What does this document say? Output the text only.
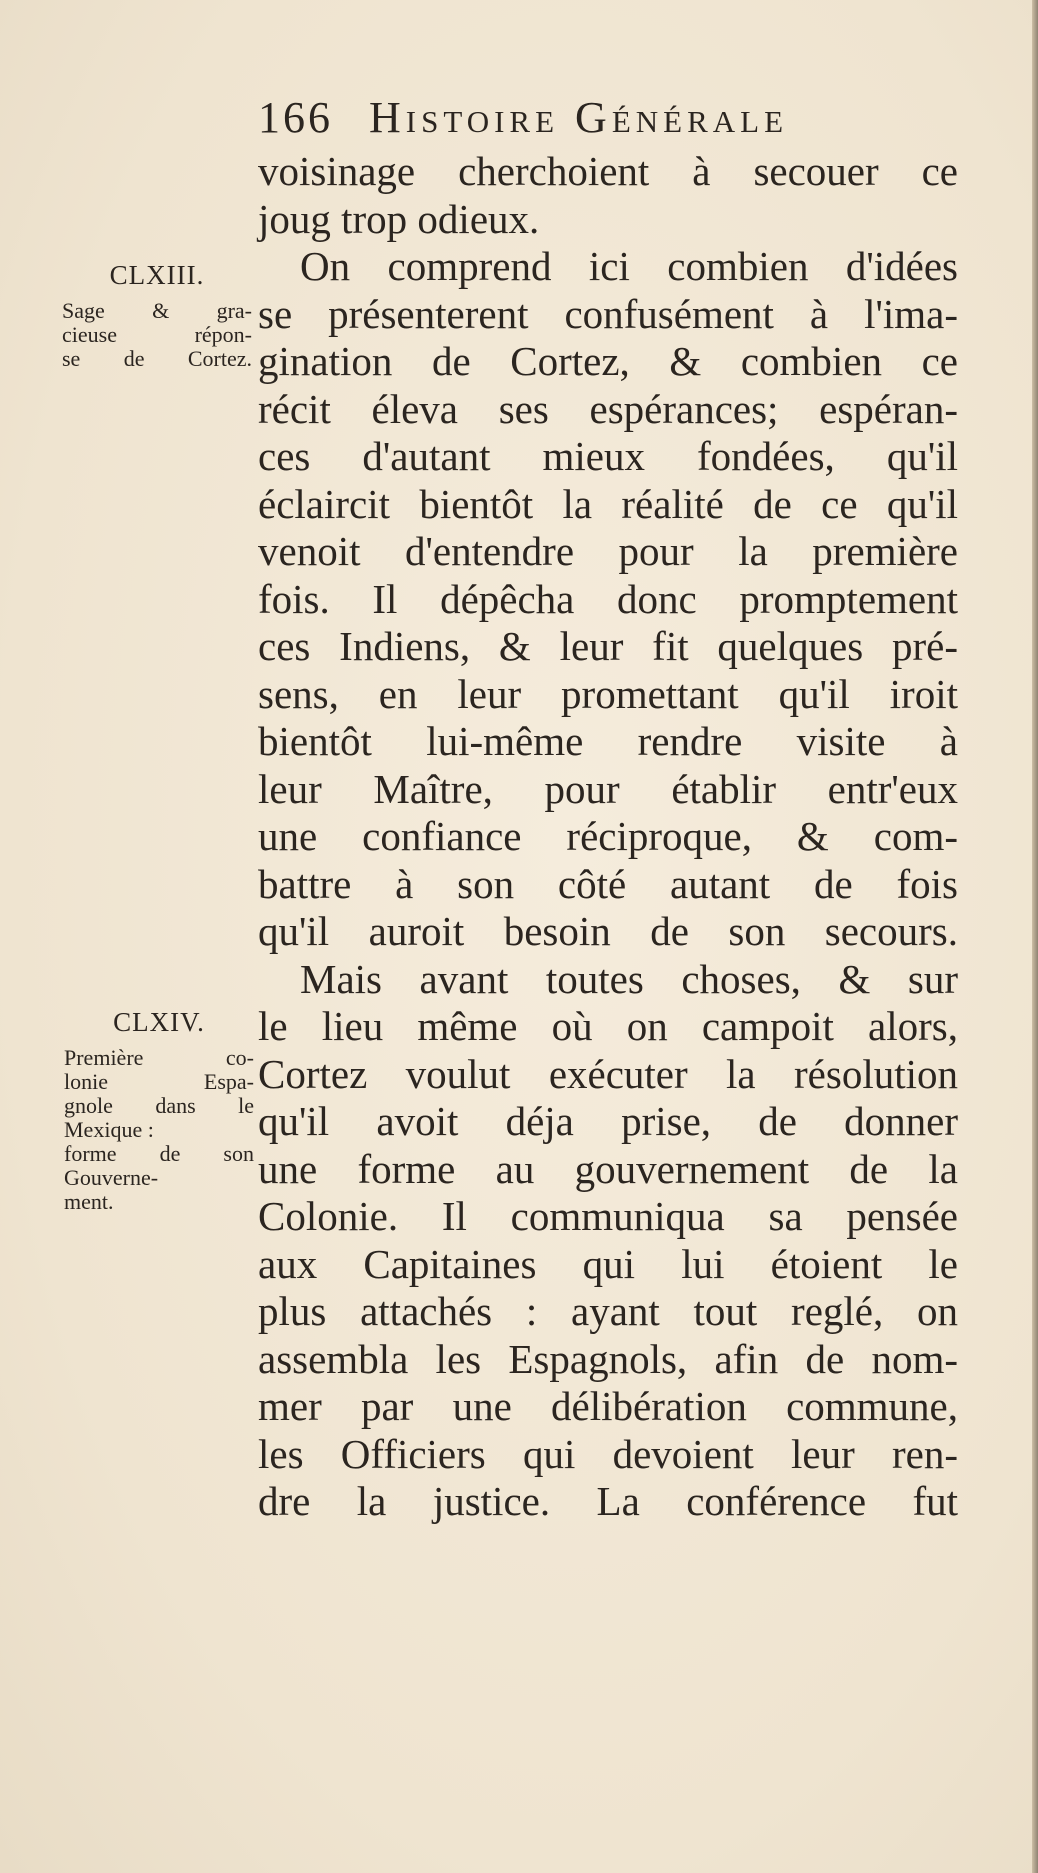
166 Histoire Générale
voisinage cherchoient à secouer ce
joug trop odieux.
On comprend ici combien d'idées
se présenterent confusément à l'ima-
gination de Cortez, & combien ce
récit éleva ses espérances; espéran-
ces d'autant mieux fondées, qu'il
éclaircit bientôt la réalité de ce qu'il
venoit d'entendre pour la première
fois. Il dépêcha donc promptement
ces Indiens, & leur fit quelques pré-
sens, en leur promettant qu'il iroit
bientôt lui-même rendre visite à
leur Maître, pour établir entr'eux
une confiance réciproque, & com-
battre à son côté autant de fois
qu'il auroit besoin de son secours.
Mais avant toutes choses, & sur
le lieu même où on campoit alors,
Cortez voulut exécuter la résolution
qu'il avoit déja prise, de donner
une forme au gouvernement de la
Colonie. Il communiqua sa pensée
aux Capitaines qui lui étoient le
plus attachés : ayant tout reglé, on
assembla les Espagnols, afin de nom-
mer par une délibération commune,
les Officiers qui devoient leur ren-
dre la justice. La conférence fut
CLXIII.
Sage & gra-
cieuse répon-
se de Cortez.
CLXIV.
Première co-
lonie Espa-
gnole dans le
Mexique :
forme de son
Gouverne-
ment.
